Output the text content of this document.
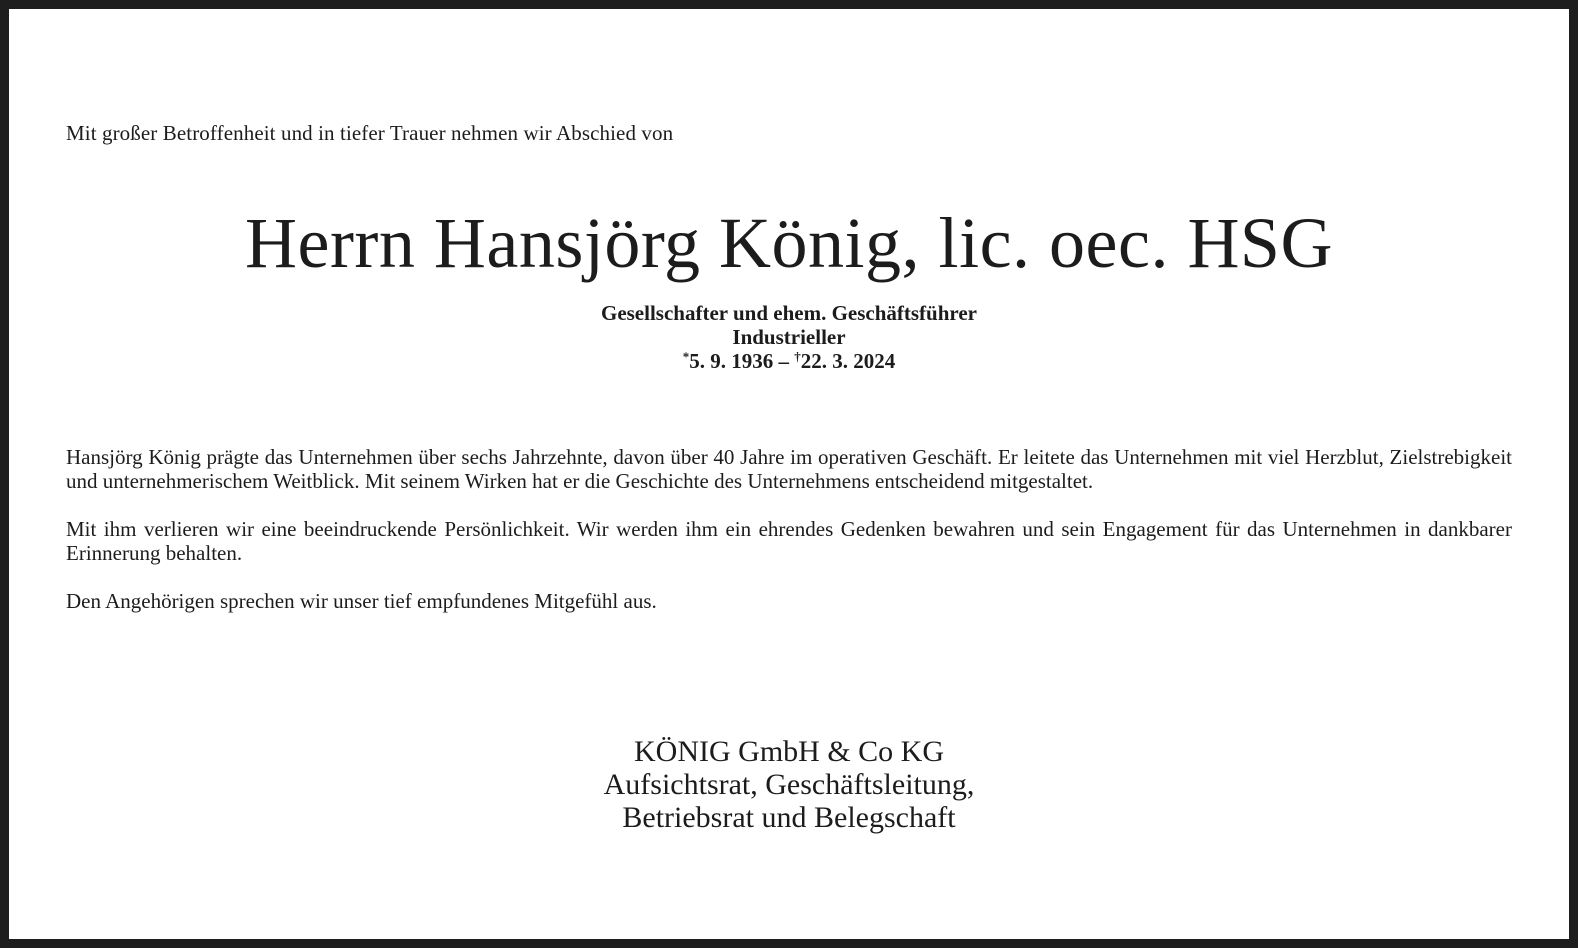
Mit großer Betroffenheit und in tiefer Trauer nehmen wir Abschied von

Herrn Hansjörg König, lic. oec. HSG
Gesellschafter und ehem. Geschäftsführer
Industrieller
*5. 9. 1936 – †22. 3. 2024

Hansjörg König prägte das Unternehmen über sechs Jahrzehnte, davon über 40 Jahre im operativen Geschäft. Er leitete das Unternehmen mit viel Herzblut, Zielstrebigkeit und unternehmerischem Weitblick. Mit seinem Wirken hat er die Geschichte des Unternehmens entscheidend mitgestaltet.

Mit ihm verlieren wir eine beeindruckende Persönlichkeit. Wir werden ihm ein ehrendes Gedenken bewahren und sein Engagement für das Unternehmen in dankbarer Erinnerung behalten.

Den Angehörigen sprechen wir unser tief empfundenes Mitgefühl aus.

KÖNIG GmbH & Co KG
Aufsichtsrat, Geschäftsleitung,
Betriebsrat und Belegschaft
